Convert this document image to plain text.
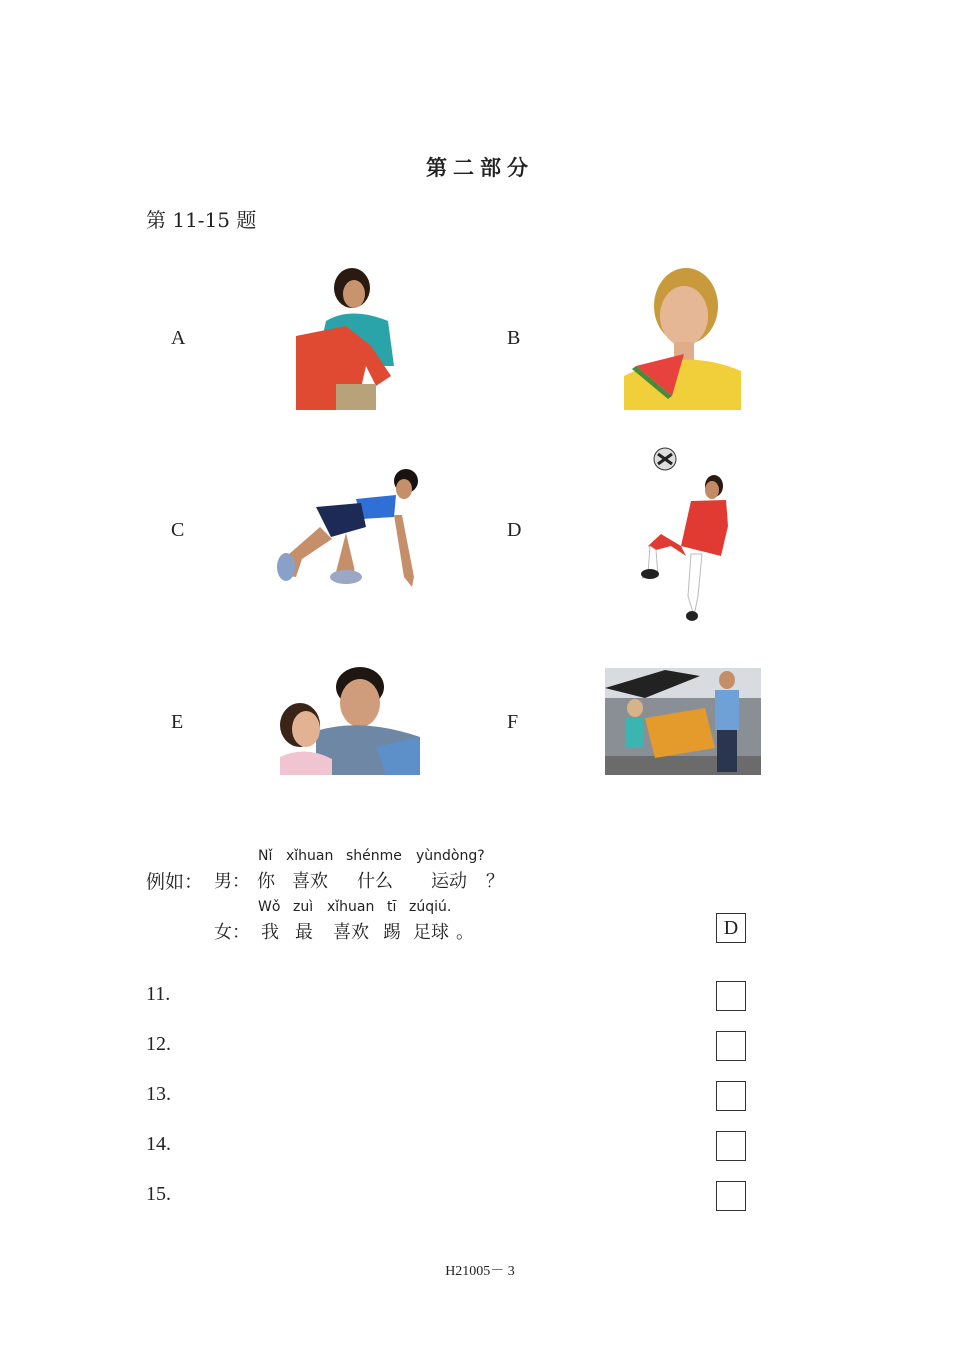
第二部分
第 11-15 题
A	B
C	D
E	F
例如： 男：
Nǐ xǐhuan shénme yùndòng?
你 喜欢 什么 运动 ？
女：
Wǒ zuì xǐhuan tī zúqiú.
我 最 喜欢 踢 足球 。	D
11.
12.
13.
14.
15.
H21005－ 3
